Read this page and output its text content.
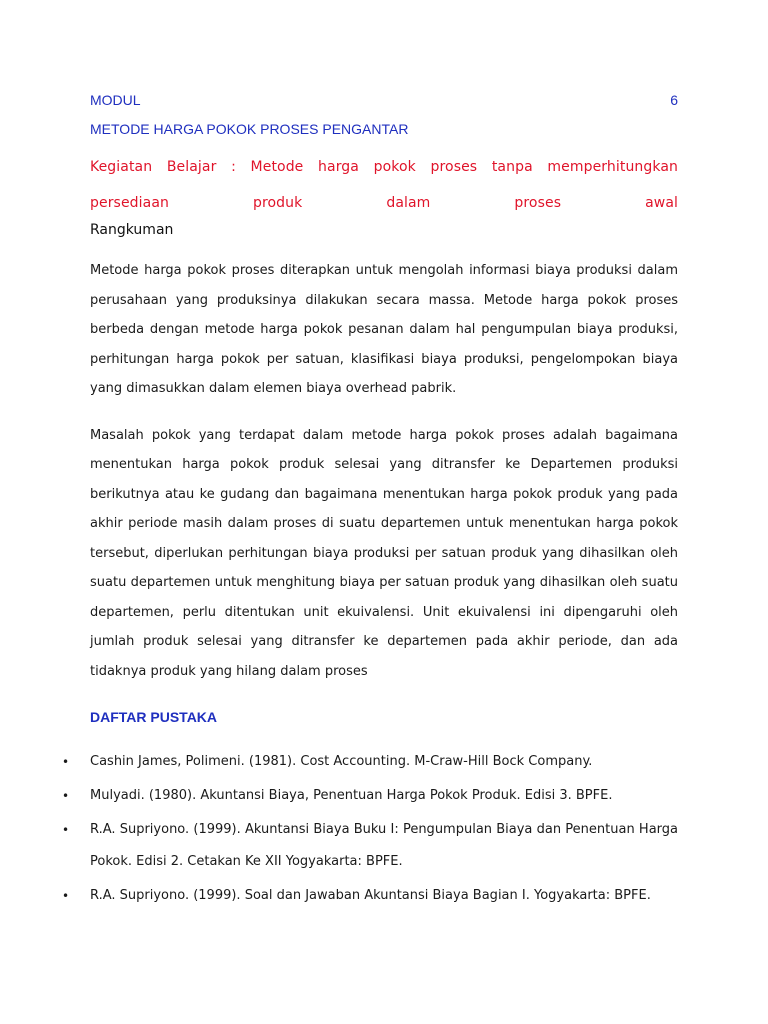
MODUL	6
METODE HARGA POKOK PROSES PENGANTAR
Kegiatan Belajar : Metode harga pokok proses tanpa memperhitungkan persediaan produk dalam proses awal
Rangkuman

Metode harga pokok proses diterapkan untuk mengolah informasi biaya produksi dalam perusahaan yang produksinya dilakukan secara massa. Metode harga pokok proses berbeda dengan metode harga pokok pesanan dalam hal pengumpulan biaya produksi, perhitungan harga pokok per satuan, klasifikasi biaya produksi, pengelompokan biaya yang dimasukkan dalam elemen biaya overhead pabrik.

Masalah pokok yang terdapat dalam metode harga pokok proses adalah bagaimana menentukan harga pokok produk selesai yang ditransfer ke Departemen produksi berikutnya atau ke gudang dan bagaimana menentukan harga pokok produk yang pada akhir periode masih dalam proses di suatu departemen untuk menentukan harga pokok tersebut, diperlukan perhitungan biaya produksi per satuan produk yang dihasilkan oleh suatu departemen untuk menghitung biaya per satuan produk yang dihasilkan oleh suatu departemen, perlu ditentukan unit ekuivalensi. Unit ekuivalensi ini dipengaruhi oleh jumlah produk selesai yang ditransfer ke departemen pada akhir periode, dan ada tidaknya produk yang hilang dalam proses

DAFTAR PUSTAKA
• Cashin James, Polimeni. (1981). Cost Accounting. M-Craw-Hill Bock Company.
• Mulyadi. (1980). Akuntansi Biaya, Penentuan Harga Pokok Produk. Edisi 3. BPFE.
• R.A. Supriyono. (1999). Akuntansi Biaya Buku I: Pengumpulan Biaya dan Penentuan Harga Pokok. Edisi 2. Cetakan Ke XII Yogyakarta: BPFE.
• R.A. Supriyono. (1999). Soal dan Jawaban Akuntansi Biaya Bagian I. Yogyakarta: BPFE.
